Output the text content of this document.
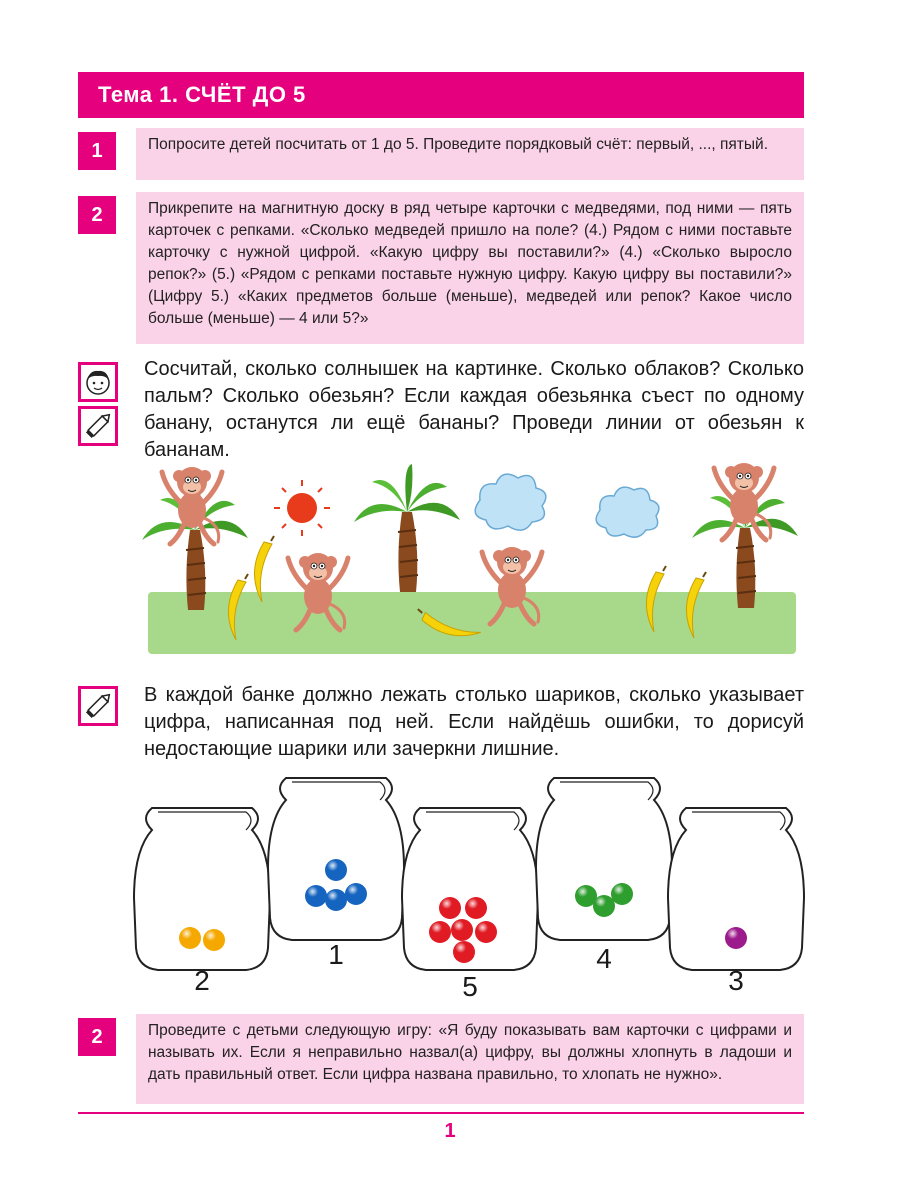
Тема 1. СЧЁТ ДО 5
1	Попросите детей посчитать от 1 до 5. Проведите порядковый счёт: первый, ..., пятый.
2	Прикрепите на магнитную доску в ряд четыре карточки с медведями, под ними — пять карточек с репками. «Сколько медведей пришло на поле? (4.) Рядом с ними поставьте карточку с нужной цифрой. «Какую цифру вы поставили?» (4.) «Сколько выросло репок?» (5.) «Рядом с репками поставьте нужную цифру. Какую цифру вы поставили?» (Цифру 5.) «Каких предметов больше (меньше), медведей или репок? Какое число больше (меньше) — 4 или 5?»
Сосчитай, сколько солнышек на картинке. Сколько облаков? Сколько пальм? Сколько обезьян? Если каждая обезьянка съест по одному банану, останутся ли ещё бананы? Проведи линии от обезьян к бананам.
В каждой банке должно лежать столько шариков, сколько указывает цифра, написанная под ней. Если найдёшь ошибки, то дорисуй недостающие шарики или зачеркни лишние.
2
1
5
4
3
2	Проведите с детьми следующую игру: «Я буду показывать вам карточки с цифрами и называть их. Если я неправильно назвал(а) цифру, вы должны хлопнуть в ладоши и дать правильный ответ. Если цифра названа правильно, то хлопать не нужно».
1
